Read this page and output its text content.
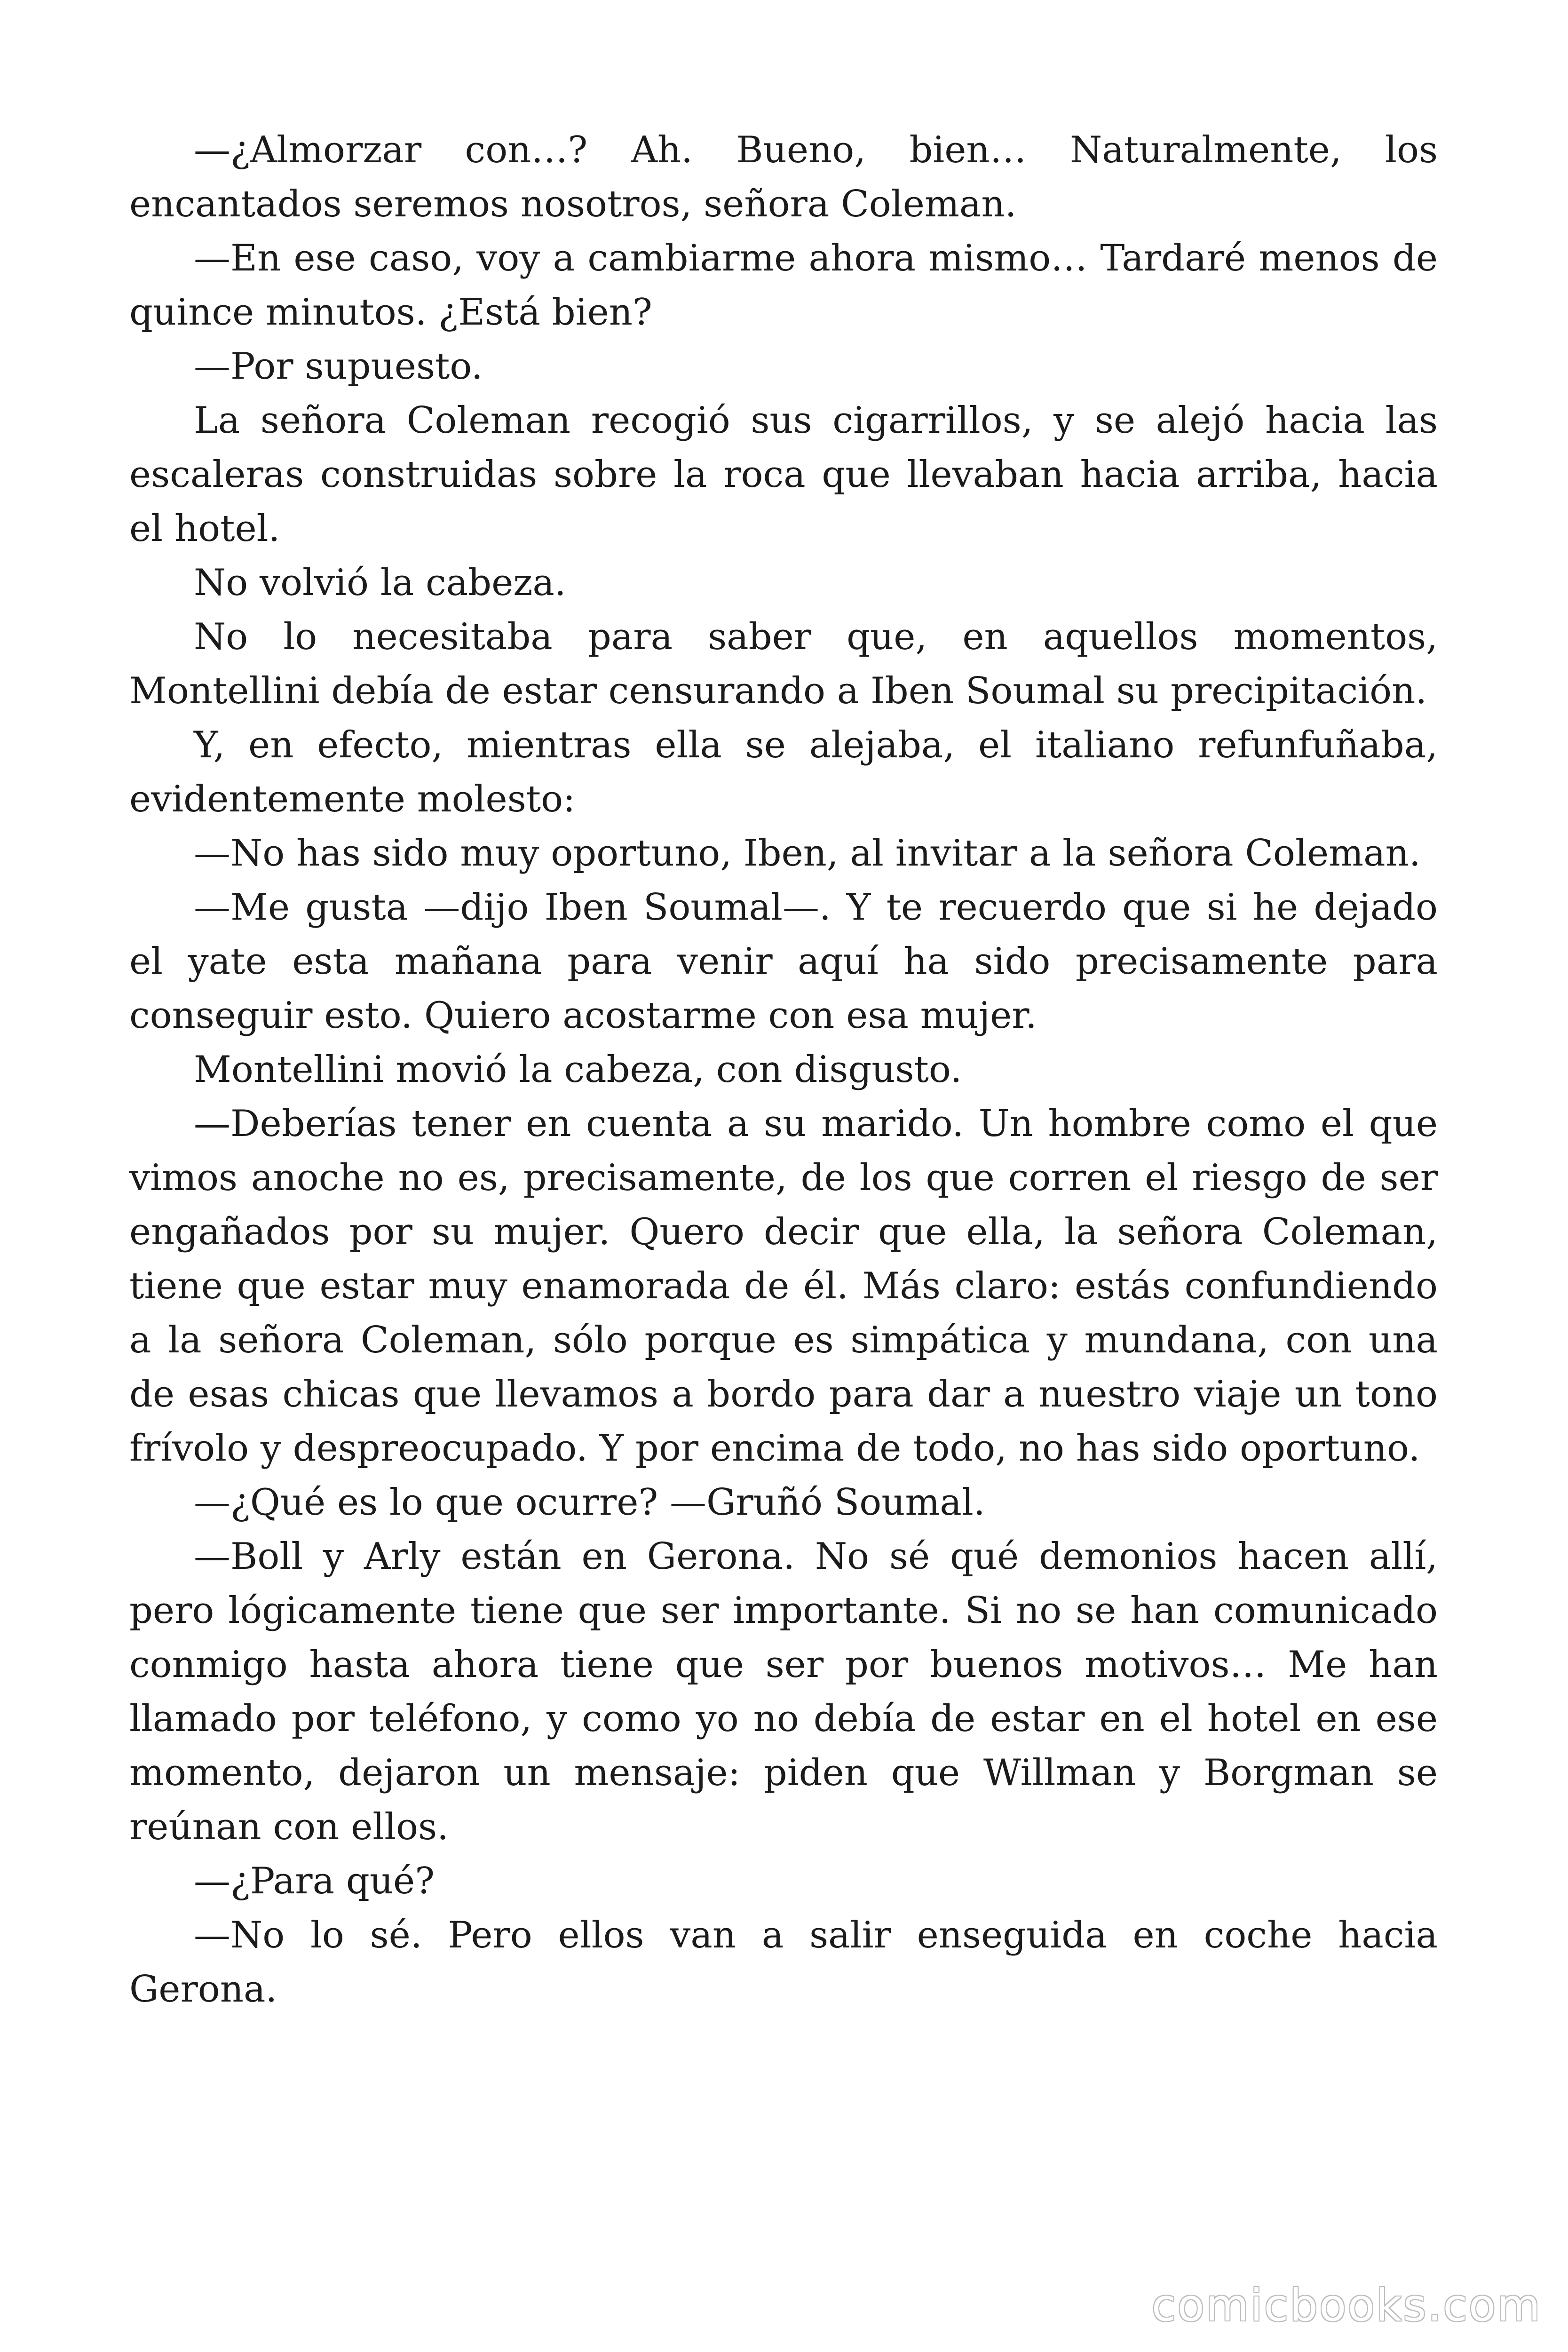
—¿Almorzar con…? Ah. Bueno, bien… Naturalmente, los encantados seremos nosotros, señora Coleman.

—En ese caso, voy a cambiarme ahora mismo… Tardaré menos de quince minutos. ¿Está bien?

—Por supuesto.

La señora Coleman recogió sus cigarrillos, y se alejó hacia las escaleras construidas sobre la roca que llevaban hacia arriba, hacia el hotel.

No volvió la cabeza.

No lo necesitaba para saber que, en aquellos momentos, Montellini debía de estar censurando a Iben Soumal su precipitación.

Y, en efecto, mientras ella se alejaba, el italiano refunfuñaba, evidentemente molesto:

—No has sido muy oportuno, Iben, al invitar a la señora Coleman.

—Me gusta —dijo Iben Soumal—. Y te recuerdo que si he dejado el yate esta mañana para venir aquí ha sido precisamente para conseguir esto. Quiero acostarme con esa mujer.

Montellini movió la cabeza, con disgusto.

—Deberías tener en cuenta a su marido. Un hombre como el que vimos anoche no es, precisamente, de los que corren el riesgo de ser engañados por su mujer. Quero decir que ella, la señora Coleman, tiene que estar muy enamorada de él. Más claro: estás confundiendo a la señora Coleman, sólo porque es simpática y mundana, con una de esas chicas que llevamos a bordo para dar a nuestro viaje un tono frívolo y despreocupado. Y por encima de todo, no has sido oportuno.

—¿Qué es lo que ocurre? —Gruñó Soumal.

—Boll y Arly están en Gerona. No sé qué demonios hacen allí, pero lógicamente tiene que ser importante. Si no se han comunicado conmigo hasta ahora tiene que ser por buenos motivos… Me han llamado por teléfono, y como yo no debía de estar en el hotel en ese momento, dejaron un mensaje: piden que Willman y Borgman se reúnan con ellos.

—¿Para qué?

—No lo sé. Pero ellos van a salir enseguida en coche hacia Gerona.

comicbooks.com
